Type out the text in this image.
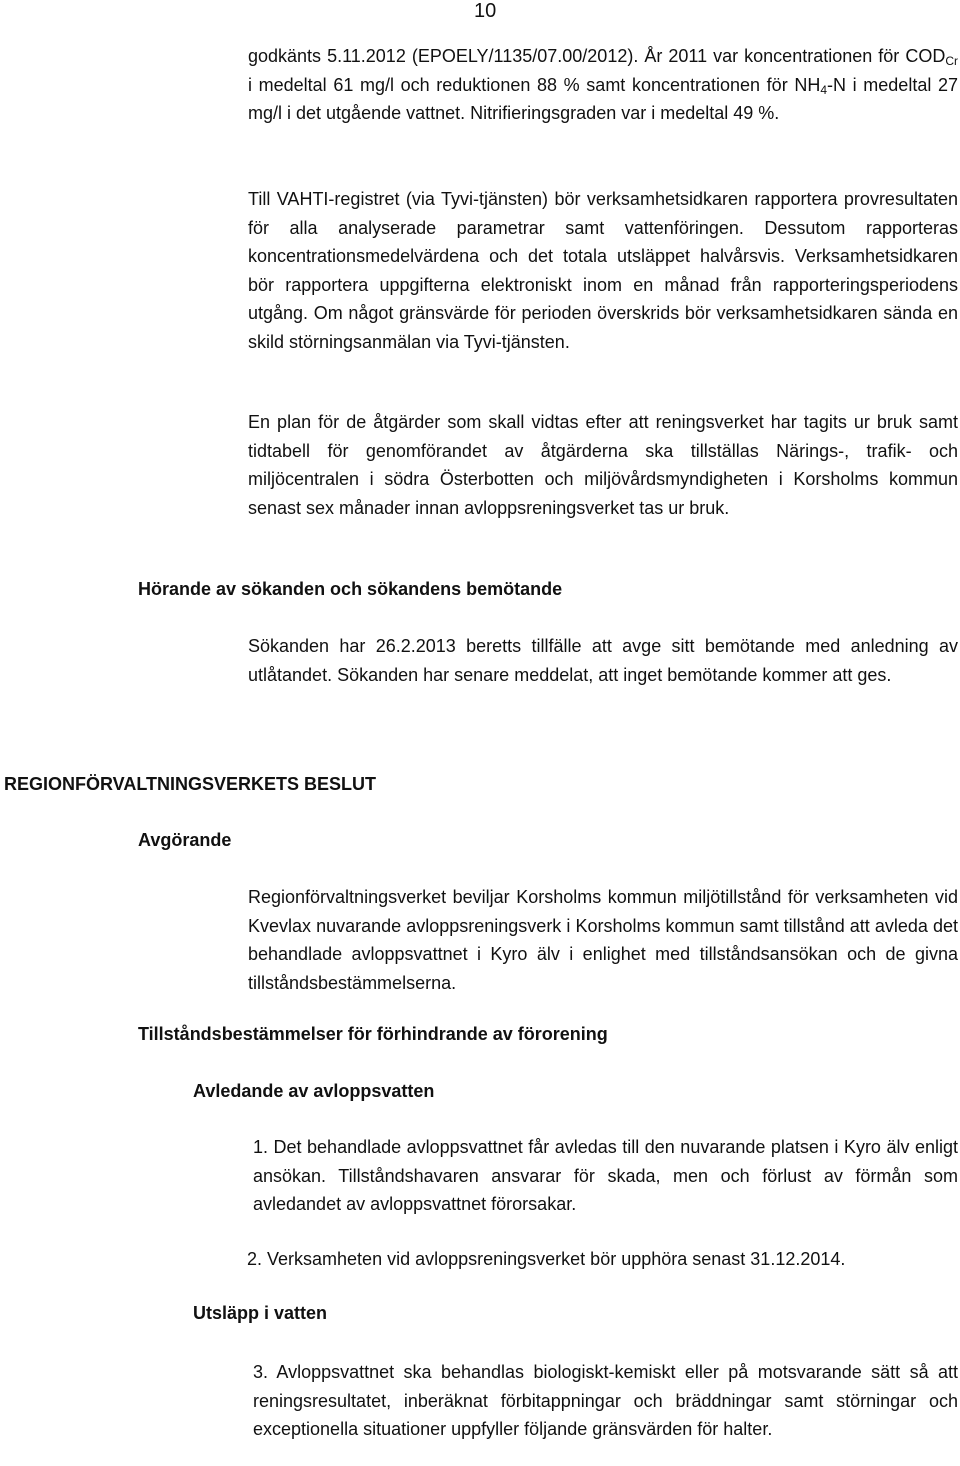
10
godkänts 5.11.2012 (EPOELY/1135/07.00/2012). År 2011 var koncentrationen för $COD_{Cr}$ i medeltal 61 mg/l och reduktionen 88 % samt koncentrationen för $NH_4-N$ i medeltal 27 mg/l i det utgående vattnet. Nitrifieringsgraden var i medeltal 49 %.
Till VAHTI-registret (via Tyvi-tjänsten) bör verksamhetsidkaren rapportera provresultaten för alla analyserade parametrar samt vattenföringen. Dessutom rapporteras koncentrationsmedelvärdena och det totala utsläppet halvårsvis. Verksamhetsidkaren bör rapportera uppgifterna elektroniskt inom en månad från rapporteringsperiodens utgång. Om något gränsvärde för perioden överskrids bör verksamhetsidkaren sända en skild störningsanmälan via Tyvi-tjänsten.
En plan för de åtgärder som skall vidtas efter att reningsverket har tagits ur bruk samt tidtabell för genomförandet av åtgärderna ska tillställas Närings-, trafik- och miljöcentralen i södra Österbotten och miljövårdsmyndigheten i Korsholms kommun senast sex månader innan avloppsreningsverket tas ur bruk.
Hörande av sökanden och sökandens bemötande
Sökanden har 26.2.2013 beretts tillfälle att avge sitt bemötande med anledning av utlåtandet. Sökanden har senare meddelat, att inget bemötande kommer att ges.
REGIONFÖRVALTNINGSVERKETS BESLUT
Avgörande
Regionförvaltningsverket beviljar Korsholms kommun miljötillstånd för verksamheten vid Kvevlax nuvarande avloppsreningsverk i Korsholms kommun samt tillstånd att avleda det behandlade avloppsvattnet i Kyro älv i enlighet med tillståndsansökan och de givna tillståndsbestämmelserna.
Tillståndsbestämmelser för förhindrande av förorening
Avledande av avloppsvatten
1. Det behandlade avloppsvattnet får avledas till den nuvarande platsen i Kyro älv enligt ansökan. Tillståndshavaren ansvarar för skada, men och förlust av förmån som avledandet av avloppsvattnet förorsakar.
2. Verksamheten vid avloppsreningsverket bör upphöra senast 31.12.2014.
Utsläpp i vatten
3. Avloppsvattnet ska behandlas biologiskt-kemiskt eller på motsvarande sätt så att reningsresultatet, inberäknat förbitappningar och bräddningar samt störningar och exceptionella situationer uppfyller följande gränsvärden för halter.
